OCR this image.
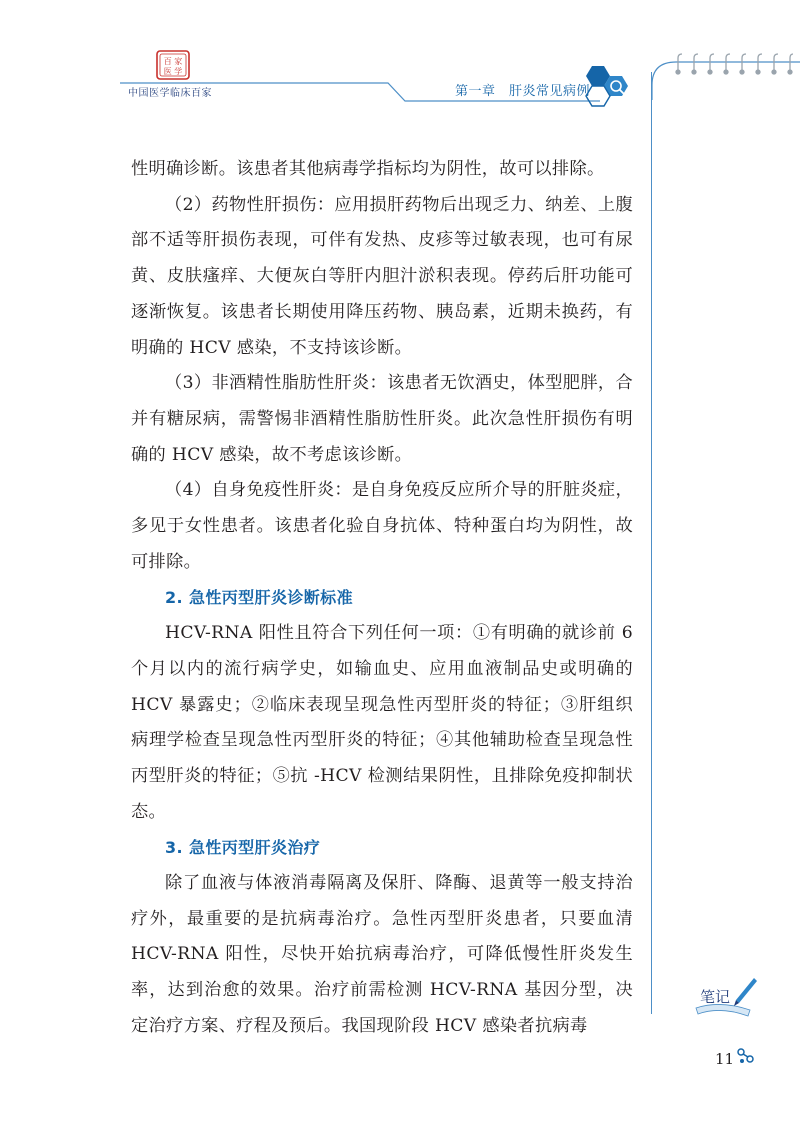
百 家
医 学
中国医学临床百家	第一章　肝炎常见病例
笔记
11

性明确诊断。该患者其他病毒学指标均为阴性，故可以排除。

（2）药物性肝损伤：应用损肝药物后出现乏力、纳差、上腹部不适等肝损伤表现，可伴有发热、皮疹等过敏表现，也可有尿黄、皮肤瘙痒、大便灰白等肝内胆汁淤积表现。停药后肝功能可逐渐恢复。该患者长期使用降压药物、胰岛素，近期未换药，有明确的 HCV 感染，不支持该诊断。

（3）非酒精性脂肪性肝炎：该患者无饮酒史，体型肥胖，合并有糖尿病，需警惕非酒精性脂肪性肝炎。此次急性肝损伤有明确的 HCV 感染，故不考虑该诊断。

（4）自身免疫性肝炎：是自身免疫反应所介导的肝脏炎症，多见于女性患者。该患者化验自身抗体、特种蛋白均为阴性，故可排除。

2. 急性丙型肝炎诊断标准

HCV-RNA 阳性且符合下列任何一项：①有明确的就诊前 6 个月以内的流行病学史，如输血史、应用血液制品史或明确的 HCV 暴露史；②临床表现呈现急性丙型肝炎的特征；③肝组织病理学检查呈现急性丙型肝炎的特征；④其他辅助检查呈现急性丙型肝炎的特征；⑤抗 -HCV 检测结果阴性，且排除免疫抑制状态。

3. 急性丙型肝炎治疗

除了血液与体液消毒隔离及保肝、降酶、退黄等一般支持治疗外，最重要的是抗病毒治疗。急性丙型肝炎患者，只要血清 HCV-RNA 阳性，尽快开始抗病毒治疗，可降低慢性肝炎发生率，达到治愈的效果。治疗前需检测 HCV-RNA 基因分型，决定治疗方案、疗程及预后。我国现阶段 HCV 感染者抗病毒
